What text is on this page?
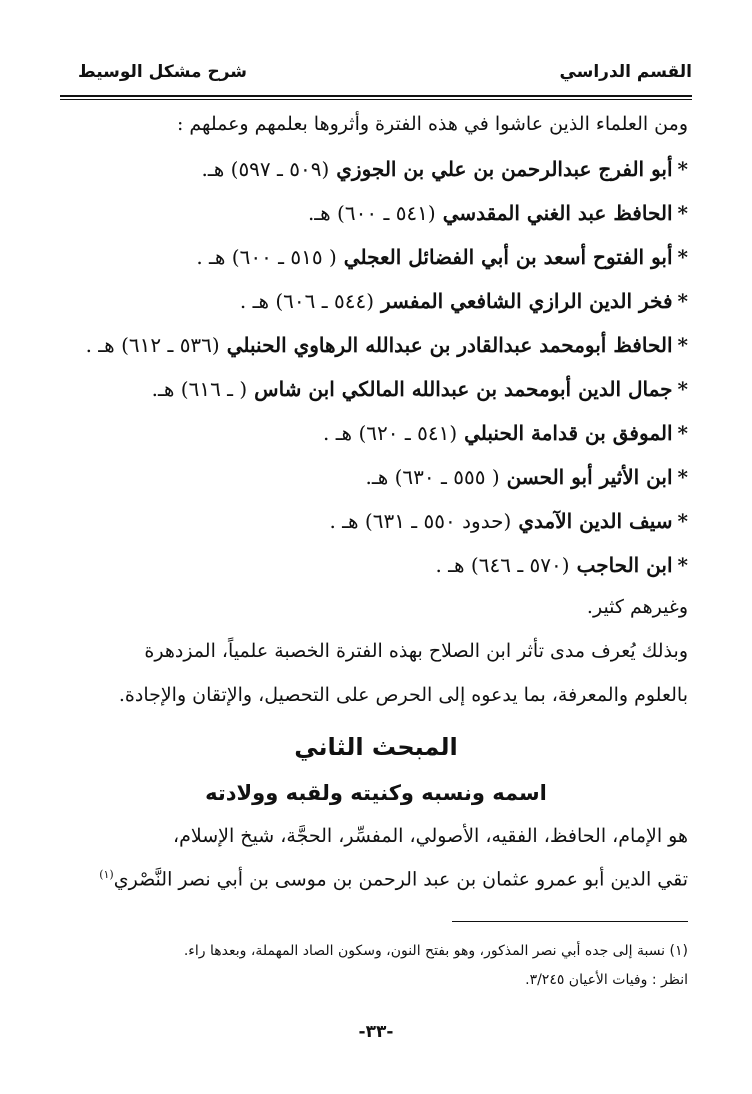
القسم الدراسي
شرح مشكل الوسيط
ومن العلماء الذين عاشوا في هذه الفترة وأثروها بعلمهم وعملهم :
*أبو الفرج عبدالرحمن بن علي بن الجوزي (٥٠٩ ـ ٥٩٧) هـ.
*الحافظ عبد الغني المقدسي (٥٤١ ـ ٦٠٠) هـ.
*أبو الفتوح أسعد بن أبي الفضائل العجلي ( ٥١٥ ـ ٦٠٠) هـ .
*فخر الدين الرازي الشافعي المفسر (٥٤٤ ـ ٦٠٦) هـ .
*الحافظ أبومحمد عبدالقادر بن عبدالله الرهاوي الحنبلي (٥٣٦ ـ ٦١٢) هـ .
*جمال الدين أبومحمد بن عبدالله المالكي ابن شاس ( ـ ٦١٦) هـ.
*الموفق بن قدامة الحنبلي (٥٤١ ـ ٦٢٠) هـ .
*ابن الأثير أبو الحسن ( ٥٥٥ ـ ٦٣٠) هـ.
*سيف الدين الآمدي (حدود ٥٥٠ ـ ٦٣١) هـ .
*ابن الحاجب (٥٧٠ ـ ٦٤٦) هـ .
وغيرهم كثير.
وبذلك يُعرف مدى تأثر ابن الصلاح بهذه الفترة الخصبة علمياً، المزدهرة
بالعلوم والمعرفة، بما يدعوه إلى الحرص على التحصيل، والإتقان والإجادة.
المبحث الثاني
اسمه ونسبه وكنيته ولقبه وولادته
هو الإمام، الحافظ، الفقيه، الأصولي، المفسِّر، الحجَّة، شيخ الإسلام،
تقي الدين أبو عمرو عثمان بن عبد الرحمن بن موسى بن أبي نصر النَّصْري$^{(١)}$
(١) نسبة إلى جده أبي نصر المذكور، وهو بفتح النون، وسكون الصاد المهملة، وبعدها راء.
انظر : وفيات الأعيان ٣/٢٤٥.
-٣٣-
